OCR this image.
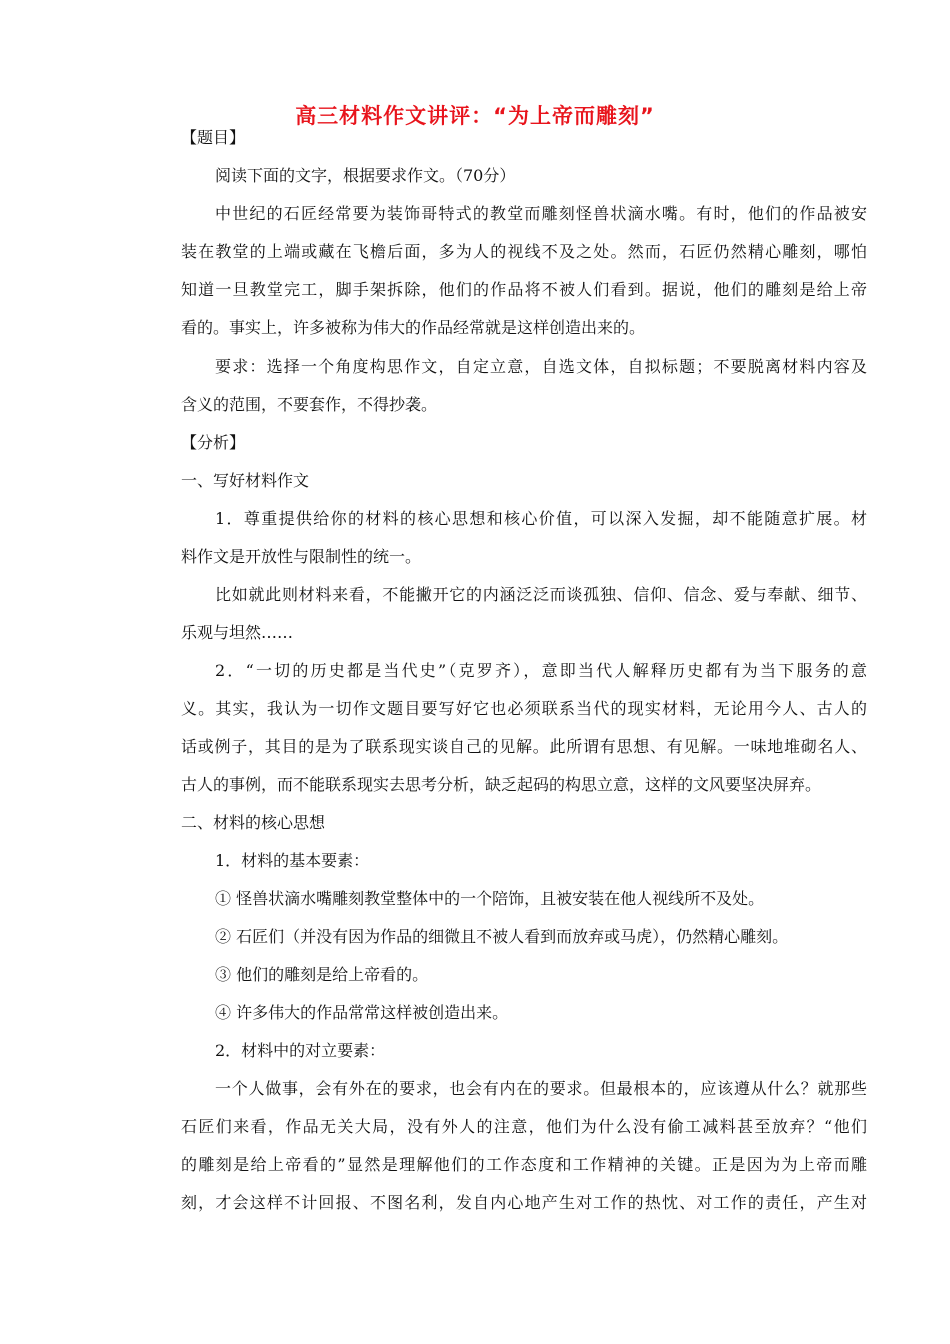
高三材料作文讲评：“为上帝而雕刻”
【题目】
阅读下面的文字，根据要求作文。（70分）
中世纪的石匠经常要为装饰哥特式的教堂而雕刻怪兽状滴水嘴。有时，他们的作品被安
装在教堂的上端或藏在飞檐后面，多为人的视线不及之处。然而，石匠仍然精心雕刻，哪怕
知道一旦教堂完工，脚手架拆除，他们的作品将不被人们看到。据说，他们的雕刻是给上帝
看的。事实上，许多被称为伟大的作品经常就是这样创造出来的。
要求：选择一个角度构思作文，自定立意，自选文体，自拟标题；不要脱离材料内容及
含义的范围，不要套作，不得抄袭。
【分析】
一、写好材料作文
1．尊重提供给你的材料的核心思想和核心价值，可以深入发掘，却不能随意扩展。材
料作文是开放性与限制性的统一。
比如就此则材料来看，不能撇开它的内涵泛泛而谈孤独、信仰、信念、爱与奉献、细节、
乐观与坦然……
2．“一切的历史都是当代史”（克罗齐），意即当代人解释历史都有为当下服务的意
义。其实，我认为一切作文题目要写好它也必须联系当代的现实材料，无论用今人、古人的
话或例子，其目的是为了联系现实谈自己的见解。此所谓有思想、有见解。一味地堆砌名人、
古人的事例，而不能联系现实去思考分析，缺乏起码的构思立意，这样的文风要坚决屏弃。
二、材料的核心思想
1．材料的基本要素：
① 怪兽状滴水嘴雕刻教堂整体中的一个陪饰，且被安装在他人视线所不及处。
② 石匠们（并没有因为作品的细微且不被人看到而放弃或马虎），仍然精心雕刻。
③ 他们的雕刻是给上帝看的。
④ 许多伟大的作品常常这样被创造出来。
2．材料中的对立要素：
一个人做事，会有外在的要求，也会有内在的要求。但最根本的，应该遵从什么？就那些
石匠们来看，作品无关大局，没有外人的注意，他们为什么没有偷工减料甚至放弃？“他们
的雕刻是给上帝看的”显然是理解他们的工作态度和工作精神的关键。正是因为为上帝而雕
刻，才会这样不计回报、不图名利，发自内心地产生对工作的热忱、对工作的责任，产生对
